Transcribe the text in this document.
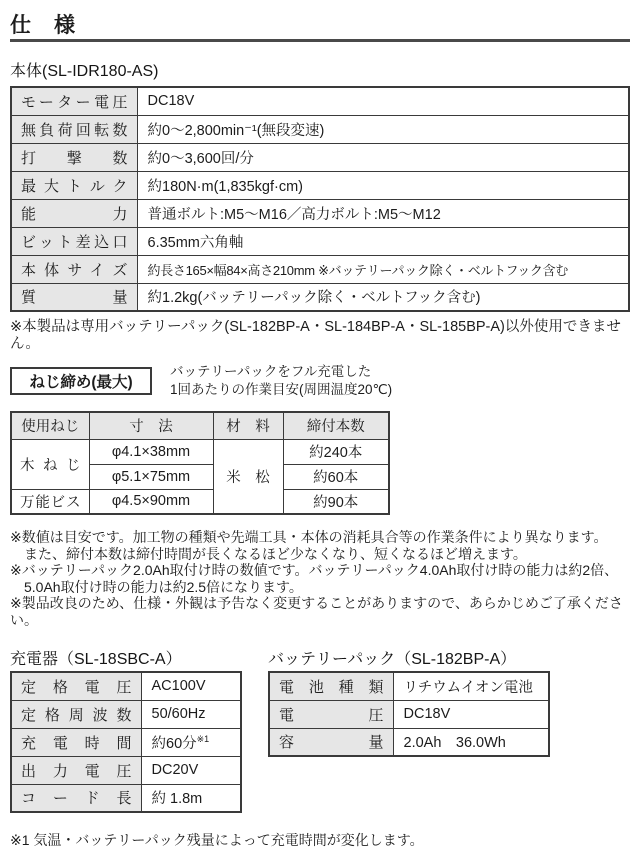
仕　様
本体(SL-IDR180-AS)
モーター電圧	DC18V
無負荷回転数	約0〜2,800min⁻¹(無段変速)
打撃数	約0〜3,600回/分
最大トルク	約180N·m(1,835kgf·cm)
能力	普通ボルト:M5〜M16／高力ボルト:M5〜M12
ビット差込口	6.35mm六角軸
本体サイズ	約長さ165×幅84×高さ210mm ※バッテリーパック除く・ベルトフック含む
質量	約1.2kg(バッテリーパック除く・ベルトフック含む)
※本製品は専用バッテリーパック(SL-182BP-A・SL-184BP-A・SL-185BP-A)以外使用できません。
ねじ締め(最大)
バッテリーパックをフル充電した
1回あたりの作業目安(周囲温度20℃)
使用ねじ	寸　法	材　料	締付本数
木ねじ	φ4.1×38mm	米　松	約240本
	φ5.1×75mm		約60本
万能ビス	φ4.5×90mm		約90本
※数値は目安です。加工物の種類や先端工具・本体の消耗具合等の作業条件により異なります。
また、締付本数は締付時間が長くなるほど少なくなり、短くなるほど増えます。
※バッテリーパック2.0Ah取付け時の数値です。バッテリーパック4.0Ah取付け時の能力は約2倍、
5.0Ah取付け時の能力は約2.5倍になります。
※製品改良のため、仕様・外観は予告なく変更することがありますので、あらかじめご了承ください。
充電器（SL-18SBC-A）
定格電圧	AC100V
定格周波数	50/60Hz
充電時間	約60分$^{※1}$
出力電圧	DC20V
コード長	約 1.8m
バッテリーパック（SL-182BP-A）
電池種類	リチウムイオン電池
電圧	DC18V
容量	2.0Ah　36.0Wh
※1 気温・バッテリーパック残量によって充電時間が変化します。
